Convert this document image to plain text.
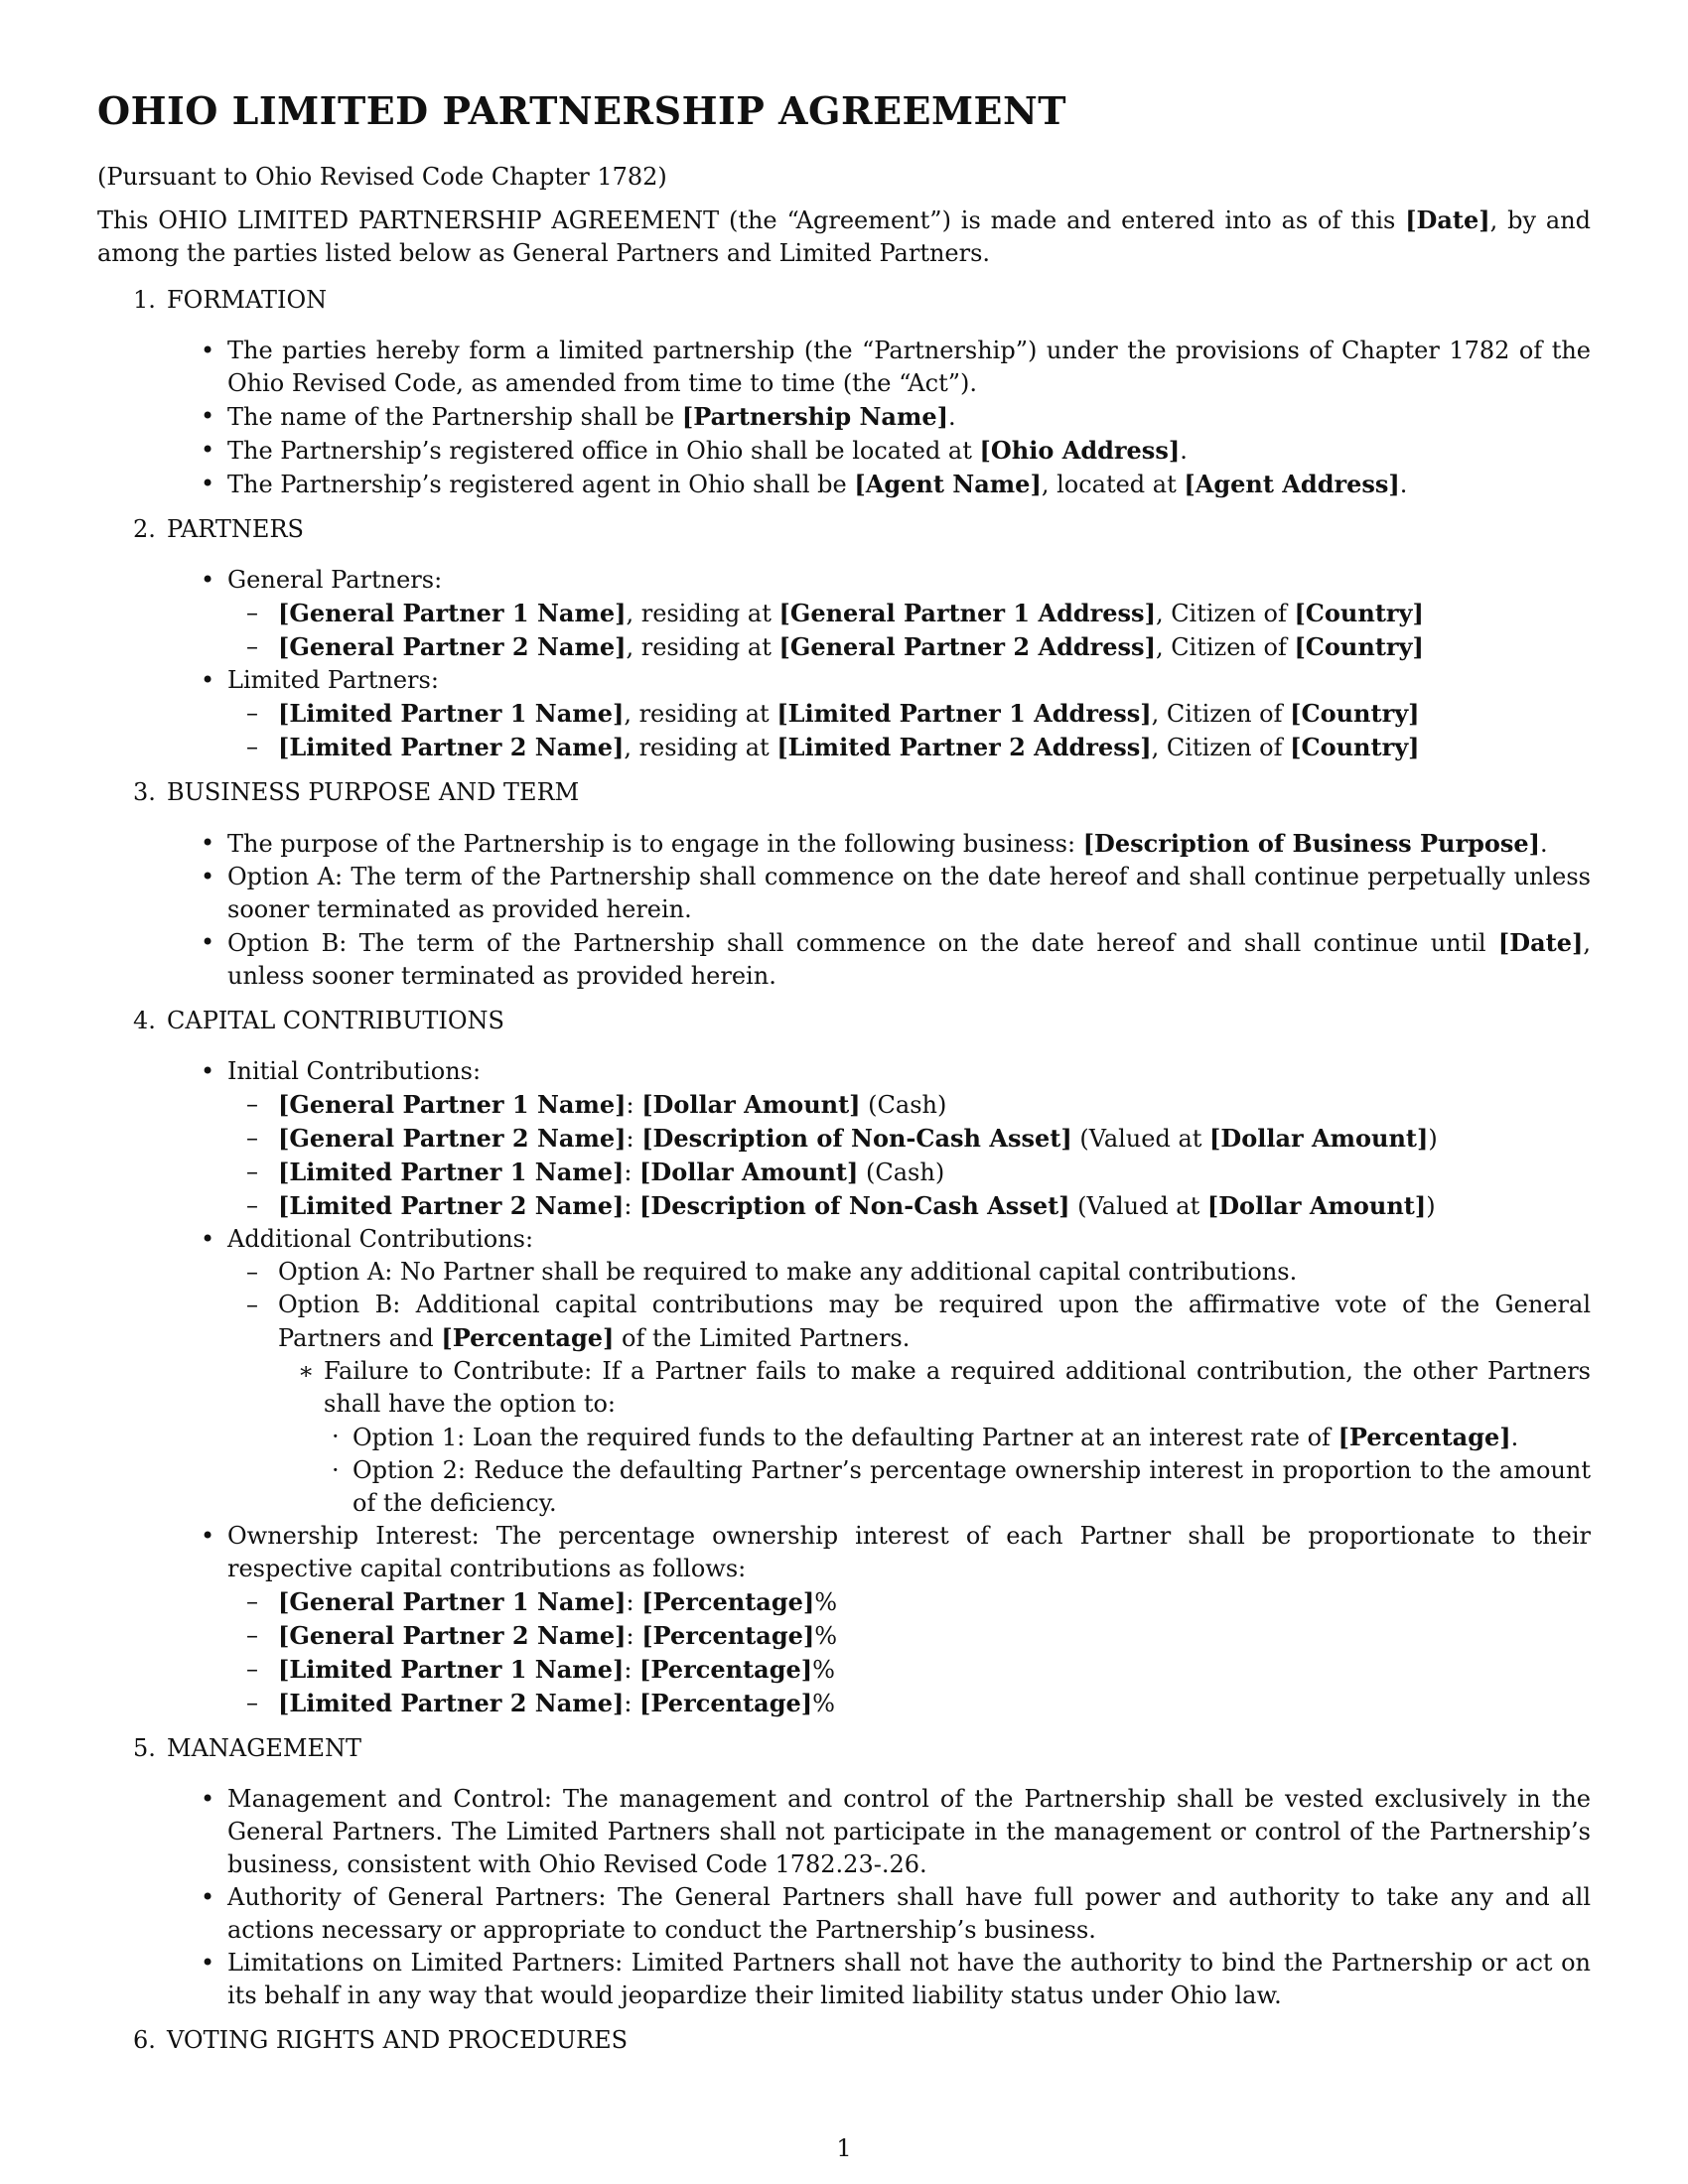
OHIO LIMITED PARTNERSHIP AGREEMENT

(Pursuant to Ohio Revised Code Chapter 1782)

This OHIO LIMITED PARTNERSHIP AGREEMENT (the “Agreement”) is made and entered into as of this [Date], by and among the parties listed below as General Partners and Limited Partners.

1. FORMATION
• The parties hereby form a limited partnership (the “Partnership”) under the provisions of Chapter 1782 of the Ohio Revised Code, as amended from time to time (the “Act”).
• The name of the Partnership shall be [Partnership Name].
• The Partnership’s registered office in Ohio shall be located at [Ohio Address].
• The Partnership’s registered agent in Ohio shall be [Agent Name], located at [Agent Address].
2. PARTNERS
• General Partners:
– [General Partner 1 Name], residing at [General Partner 1 Address], Citizen of [Country]
– [General Partner 2 Name], residing at [General Partner 2 Address], Citizen of [Country]
• Limited Partners:
– [Limited Partner 1 Name], residing at [Limited Partner 1 Address], Citizen of [Country]
– [Limited Partner 2 Name], residing at [Limited Partner 2 Address], Citizen of [Country]
3. BUSINESS PURPOSE AND TERM
• The purpose of the Partnership is to engage in the following business: [Description of Business Purpose].
• Option A: The term of the Partnership shall commence on the date hereof and shall continue perpetually unless sooner terminated as provided herein.
• Option B: The term of the Partnership shall commence on the date hereof and shall continue until [Date], unless sooner terminated as provided herein.
4. CAPITAL CONTRIBUTIONS
• Initial Contributions:
– [General Partner 1 Name]: [Dollar Amount] (Cash)
– [General Partner 2 Name]: [Description of Non-Cash Asset] (Valued at [Dollar Amount])
– [Limited Partner 1 Name]: [Dollar Amount] (Cash)
– [Limited Partner 2 Name]: [Description of Non-Cash Asset] (Valued at [Dollar Amount])
• Additional Contributions:
– Option A: No Partner shall be required to make any additional capital contributions.
– Option B: Additional capital contributions may be required upon the affirmative vote of the General Partners and [Percentage] of the Limited Partners.
∗ Failure to Contribute: If a Partner fails to make a required additional contribution, the other Partners shall have the option to:
· Option 1: Loan the required funds to the defaulting Partner at an interest rate of [Percentage].
· Option 2: Reduce the defaulting Partner’s percentage ownership interest in proportion to the amount of the deficiency.
• Ownership Interest: The percentage ownership interest of each Partner shall be proportionate to their respective capital contributions as follows:
– [General Partner 1 Name]: [Percentage]%
– [General Partner 2 Name]: [Percentage]%
– [Limited Partner 1 Name]: [Percentage]%
– [Limited Partner 2 Name]: [Percentage]%
5. MANAGEMENT
• Management and Control: The management and control of the Partnership shall be vested exclusively in the General Partners. The Limited Partners shall not participate in the management or control of the Partnership’s business, consistent with Ohio Revised Code 1782.23-.26.
• Authority of General Partners: The General Partners shall have full power and authority to take any and all actions necessary or appropriate to conduct the Partnership’s business.
• Limitations on Limited Partners: Limited Partners shall not have the authority to bind the Partnership or act on its behalf in any way that would jeopardize their limited liability status under Ohio law.
6. VOTING RIGHTS AND PROCEDURES
1
